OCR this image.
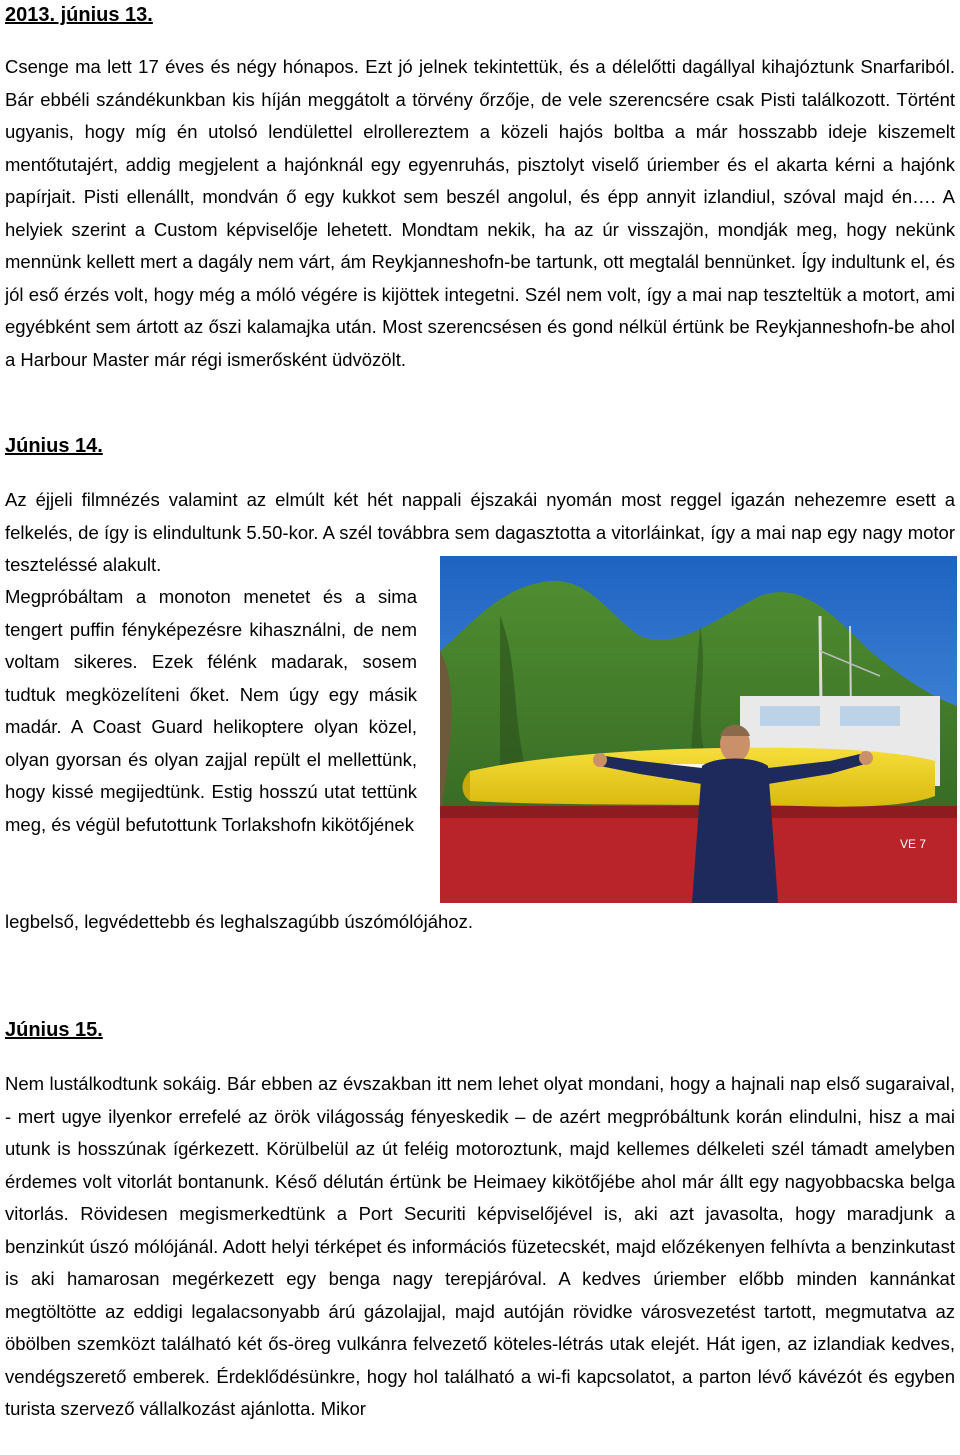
2013. június 13.

Csenge ma lett 17 éves és négy hónapos. Ezt jó jelnek tekintettük, és a délelőtti dagállyal kihajóztunk Snarfariból. Bár ebbéli szándékunkban kis híján meggátolt a törvény őrzője, de vele szerencsére csak Pisti találkozott. Történt ugyanis, hogy míg én utolsó lendülettel elrollereztem a közeli hajós boltba a már hosszabb ideje kiszemelt mentőtutajért, addig megjelent a hajónknál egy egyenruhás, pisztolyt viselő úriember és el akarta kérni a hajónk papírjait. Pisti ellenállt, mondván ő egy kukkot sem beszél angolul, és épp annyit izlandiul, szóval majd én…. A helyiek szerint a Custom képviselője lehetett. Mondtam nekik, ha az úr visszajön, mondják meg, hogy nekünk mennünk kellett mert a dagály nem várt, ám Reykjanneshofn-be tartunk, ott megtalál bennünket. Így indultunk el, és jól eső érzés volt, hogy még a móló végére is kijöttek integetni. Szél nem volt, így a mai nap teszteltük a motort, ami egyébként sem ártott az őszi kalamajka után. Most szerencsésen és gond nélkül értünk be Reykjanneshofn-be ahol a Harbour Master már régi ismerősként üdvözölt.

Június 14.

Az éjjeli filmnézés valamint az elmúlt két hét nappali éjszakái nyomán most reggel igazán nehezemre esett a felkelés, de így is elindultunk 5.50-kor. A szél továbbra sem dagasztotta a vitorláinkat, így a mai nap egy nagy motor teszteléssé alakult.

Megpróbáltam a monoton menetet és a sima tengert puffin fényképezésre kihasználni, de nem voltam sikeres. Ezek félénk madarak, sosem tudtuk megközelíteni őket. Nem úgy egy másik madár. A Coast Guard helikoptere olyan közel, olyan gyorsan és olyan zajjal repült el mellettünk, hogy kissé megijedtünk. Estig hosszú utat tettünk meg, és végül befutottunk Torlakshofn kikötőjének

legbelső, legvédettebb és leghalszagúbb úszómólójához.

VE 7
Június 15.

Nem lustálkodtunk sokáig. Bár ebben az évszakban itt nem lehet olyat mondani, hogy a hajnali nap első sugaraival, - mert ugye ilyenkor errefelé az örök világosság fényeskedik – de azért megpróbáltunk korán elindulni, hisz a mai utunk is hosszúnak ígérkezett. Körülbelül az út feléig motoroztunk, majd kellemes délkeleti szél támadt amelyben érdemes volt vitorlát bontanunk. Késő délután értünk be Heimaey kikötőjébe ahol már állt egy nagyobbacska belga vitorlás. Rövidesen megismerkedtünk a Port Securiti képviselőjével is, aki azt javasolta, hogy maradjunk a benzinkút úszó mólójánál. Adott helyi térképet és információs füzetecskét, majd előzékenyen felhívta a benzinkutast is aki hamarosan megérkezett egy benga nagy terepjáróval. A kedves úriember előbb minden kannánkat megtöltötte az eddigi legalacsonyabb árú gázolajjal, majd autóján rövidke városvezetést tartott, megmutatva az öbölben szemközt található két ős-öreg vulkánra felvezető köteles-létrás utak elejét. Hát igen, az izlandiak kedves, vendégszerető emberek. Érdeklődésünkre, hogy hol található a wi-fi kapcsolatot, a parton lévő kávézót és egyben turista szervező vállalkozást ajánlotta. Mikor
